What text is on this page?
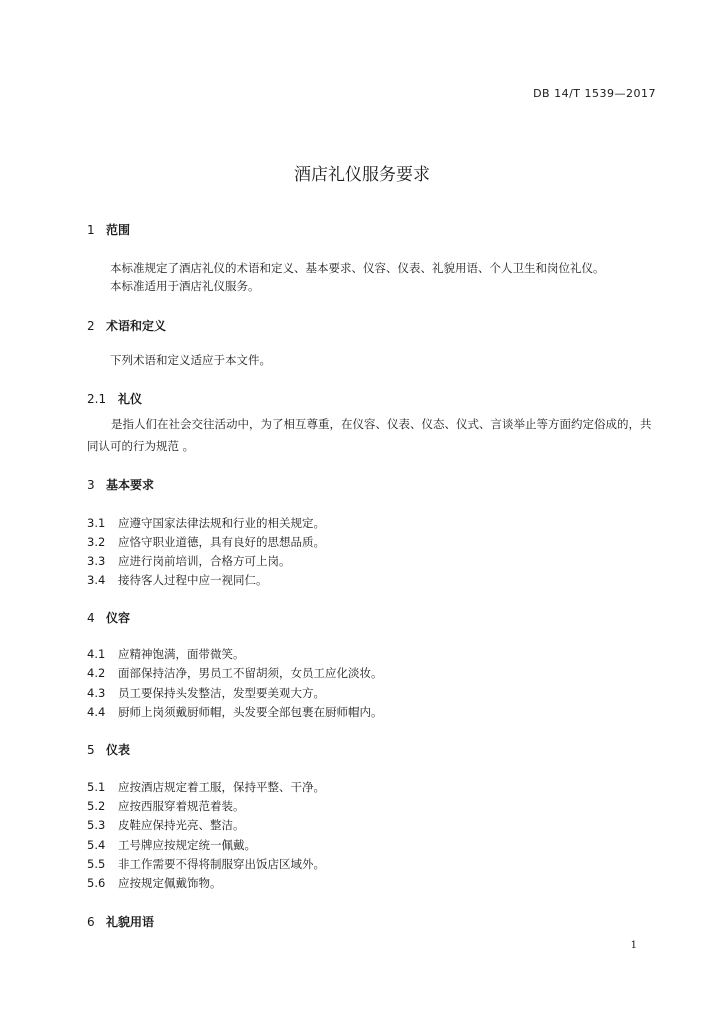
DB 14/T 1539—2017
酒店礼仪服务要求
1 范围
本标准规定了酒店礼仪的术语和定义、基本要求、仪容、仪表、礼貌用语、个人卫生和岗位礼仪。
本标准适用于酒店礼仪服务。
2 术语和定义
下列术语和定义适应于本文件。
2.1 礼仪
是指人们在社会交往活动中，为了相互尊重，在仪容、仪表、仪态、仪式、言谈举止等方面约定俗成的，共同认可的行为规范 。
3 基本要求
3.1 应遵守国家法律法规和行业的相关规定。
3.2 应恪守职业道德，具有良好的思想品质。
3.3 应进行岗前培训，合格方可上岗。
3.4 接待客人过程中应一视同仁。
4 仪容
4.1 应精神饱满，面带微笑。
4.2 面部保持洁净，男员工不留胡须，女员工应化淡妆。
4.3 员工要保持头发整洁，发型要美观大方。
4.4 厨师上岗须戴厨师帽，头发要全部包裹在厨师帽内。
5 仪表
5.1 应按酒店规定着工服，保持平整、干净。
5.2 应按西服穿着规范着装。
5.3 皮鞋应保持光亮、整洁。
5.4 工号牌应按规定统一佩戴。
5.5 非工作需要不得将制服穿出饭店区域外。
5.6 应按规定佩戴饰物。
6 礼貌用语
1
